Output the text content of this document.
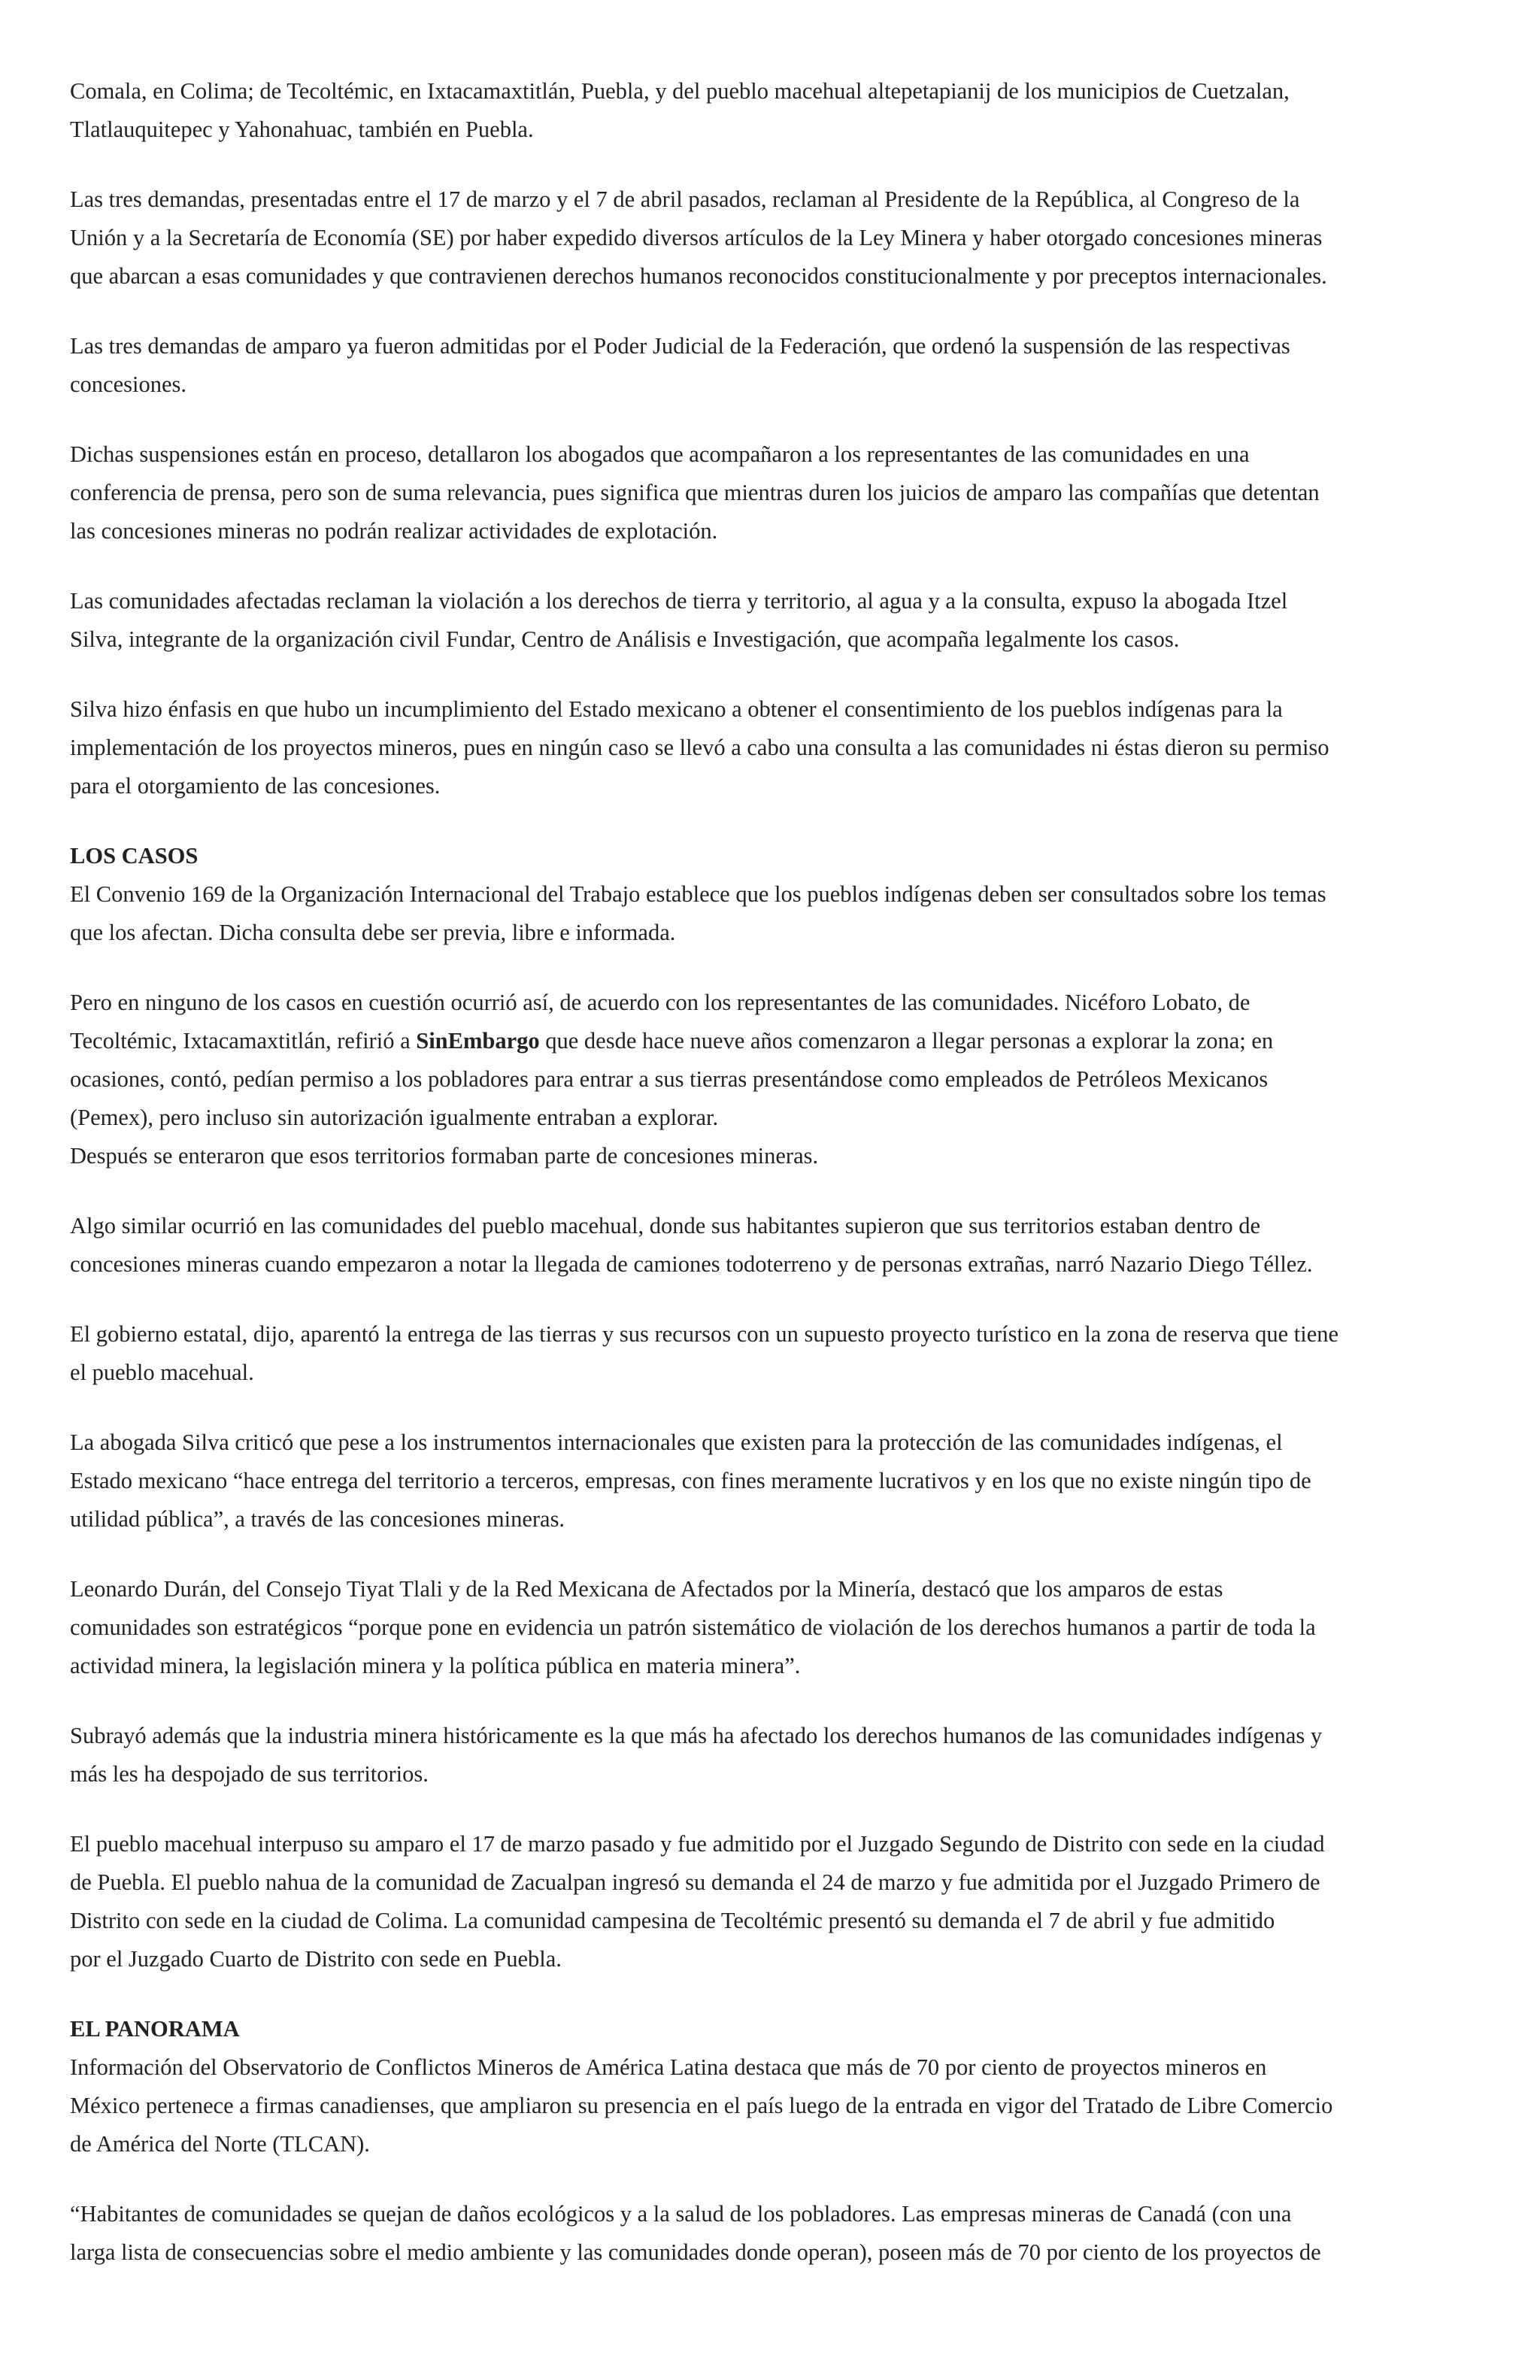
Comala, en Colima; de Tecoltémic, en Ixtacamaxtitlán, Puebla, y del pueblo macehual altepetapianij de los municipios de Cuetzalan,
Tlatlauquitepec y Yahonahuac, también en Puebla.

Las tres demandas, presentadas entre el 17 de marzo y el 7 de abril pasados, reclaman al Presidente de la República, al Congreso de la
Unión y a la Secretaría de Economía (SE) por haber expedido diversos artículos de la Ley Minera y haber otorgado concesiones mineras
que abarcan a esas comunidades y que contravienen derechos humanos reconocidos constitucionalmente y por preceptos internacionales.

Las tres demandas de amparo ya fueron admitidas por el Poder Judicial de la Federación, que ordenó la suspensión de las respectivas
concesiones.

Dichas suspensiones están en proceso, detallaron los abogados que acompañaron a los representantes de las comunidades en una
conferencia de prensa, pero son de suma relevancia, pues significa que mientras duren los juicios de amparo las compañías que detentan
las concesiones mineras no podrán realizar actividades de explotación.

Las comunidades afectadas reclaman la violación a los derechos de tierra y territorio, al agua y a la consulta, expuso la abogada Itzel
Silva, integrante de la organización civil Fundar, Centro de Análisis e Investigación, que acompaña legalmente los casos.

Silva hizo énfasis en que hubo un incumplimiento del Estado mexicano a obtener el consentimiento de los pueblos indígenas para la
implementación de los proyectos mineros, pues en ningún caso se llevó a cabo una consulta a las comunidades ni éstas dieron su permiso
para el otorgamiento de las concesiones.

LOS CASOS
El Convenio 169 de la Organización Internacional del Trabajo establece que los pueblos indígenas deben ser consultados sobre los temas
que los afectan. Dicha consulta debe ser previa, libre e informada.

Pero en ninguno de los casos en cuestión ocurrió así, de acuerdo con los representantes de las comunidades. Nicéforo Lobato, de
Tecoltémic, Ixtacamaxtitlán, refirió a SinEmbargo que desde hace nueve años comenzaron a llegar personas a explorar la zona; en
ocasiones, contó, pedían permiso a los pobladores para entrar a sus tierras presentándose como empleados de Petróleos Mexicanos
(Pemex), pero incluso sin autorización igualmente entraban a explorar.
Después se enteraron que esos territorios formaban parte de concesiones mineras.

Algo similar ocurrió en las comunidades del pueblo macehual, donde sus habitantes supieron que sus territorios estaban dentro de
concesiones mineras cuando empezaron a notar la llegada de camiones todoterreno y de personas extrañas, narró Nazario Diego Téllez.

El gobierno estatal, dijo, aparentó la entrega de las tierras y sus recursos con un supuesto proyecto turístico en la zona de reserva que tiene
el pueblo macehual.

La abogada Silva criticó que pese a los instrumentos internacionales que existen para la protección de las comunidades indígenas, el
Estado mexicano “hace entrega del territorio a terceros, empresas, con fines meramente lucrativos y en los que no existe ningún tipo de
utilidad pública”, a través de las concesiones mineras.

Leonardo Durán, del Consejo Tiyat Tlali y de la Red Mexicana de Afectados por la Minería, destacó que los amparos de estas
comunidades son estratégicos “porque pone en evidencia un patrón sistemático de violación de los derechos humanos a partir de toda la
actividad minera, la legislación minera y la política pública en materia minera”.

Subrayó además que la industria minera históricamente es la que más ha afectado los derechos humanos de las comunidades indígenas y
más les ha despojado de sus territorios.

El pueblo macehual interpuso su amparo el 17 de marzo pasado y fue admitido por el Juzgado Segundo de Distrito con sede en la ciudad
de Puebla. El pueblo nahua de la comunidad de Zacualpan ingresó su demanda el 24 de marzo y fue admitida por el Juzgado Primero de
Distrito con sede en la ciudad de Colima. La comunidad campesina de Tecoltémic presentó su demanda el 7 de abril y fue admitido
por el Juzgado Cuarto de Distrito con sede en Puebla.

EL PANORAMA
Información del Observatorio de Conflictos Mineros de América Latina destaca que más de 70 por ciento de proyectos mineros en
México pertenece a firmas canadienses, que ampliaron su presencia en el país luego de la entrada en vigor del Tratado de Libre Comercio
de América del Norte (TLCAN).

“Habitantes de comunidades se quejan de daños ecológicos y a la salud de los pobladores. Las empresas mineras de Canadá (con una
larga lista de consecuencias sobre el medio ambiente y las comunidades donde operan), poseen más de 70 por ciento de los proyectos de
